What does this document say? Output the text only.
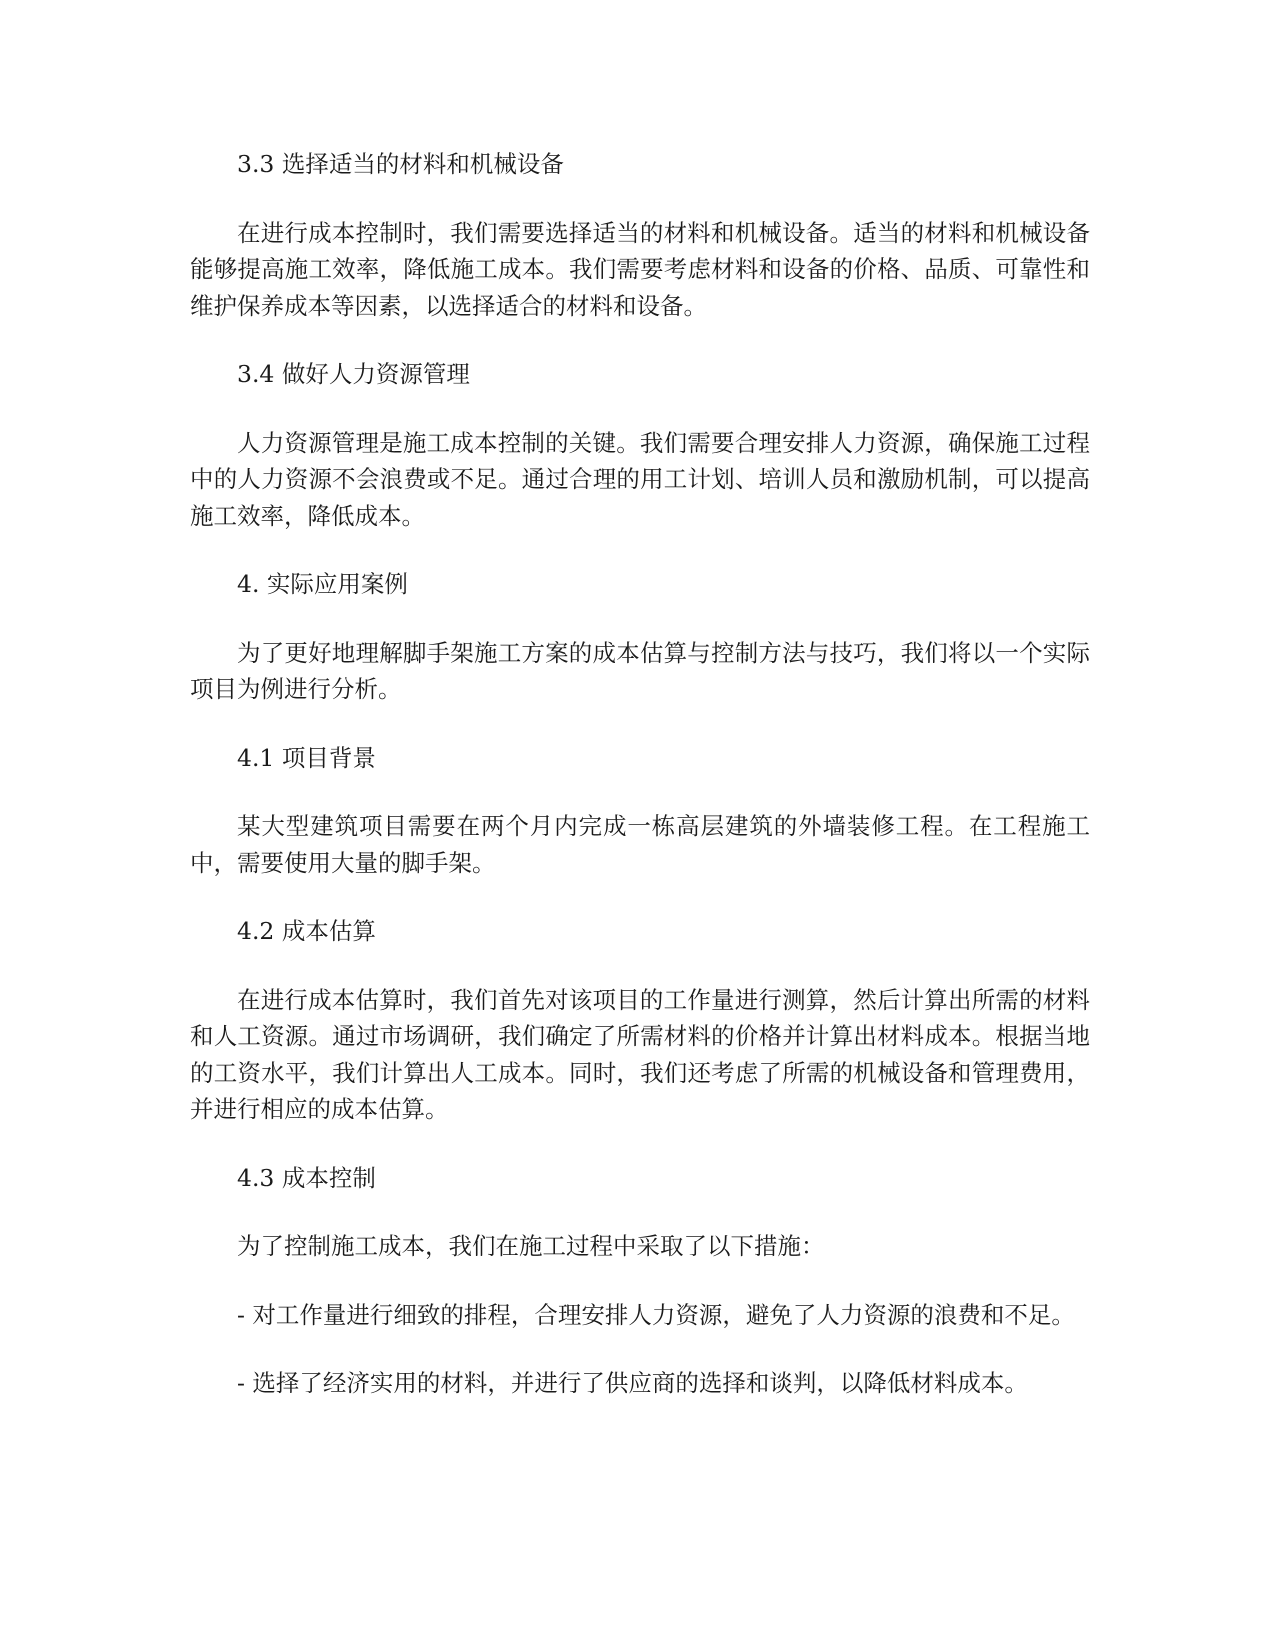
3.3 选择适当的材料和机械设备

在进行成本控制时，我们需要选择适当的材料和机械设备。适当的材料和机械设备能够提高施工效率，降低施工成本。我们需要考虑材料和设备的价格、品质、可靠性和维护保养成本等因素，以选择适合的材料和设备。

3.4 做好人力资源管理

人力资源管理是施工成本控制的关键。我们需要合理安排人力资源，确保施工过程中的人力资源不会浪费或不足。通过合理的用工计划、培训人员和激励机制，可以提高施工效率，降低成本。

4. 实际应用案例

为了更好地理解脚手架施工方案的成本估算与控制方法与技巧，我们将以一个实际项目为例进行分析。

4.1 项目背景

某大型建筑项目需要在两个月内完成一栋高层建筑的外墙装修工程。在工程施工中，需要使用大量的脚手架。

4.2 成本估算

在进行成本估算时，我们首先对该项目的工作量进行测算，然后计算出所需的材料和人工资源。通过市场调研，我们确定了所需材料的价格并计算出材料成本。根据当地的工资水平，我们计算出人工成本。同时，我们还考虑了所需的机械设备和管理费用，并进行相应的成本估算。

4.3 成本控制

为了控制施工成本，我们在施工过程中采取了以下措施：

- 对工作量进行细致的排程，合理安排人力资源，避免了人力资源的浪费和不足。

- 选择了经济实用的材料，并进行了供应商的选择和谈判，以降低材料成本。
